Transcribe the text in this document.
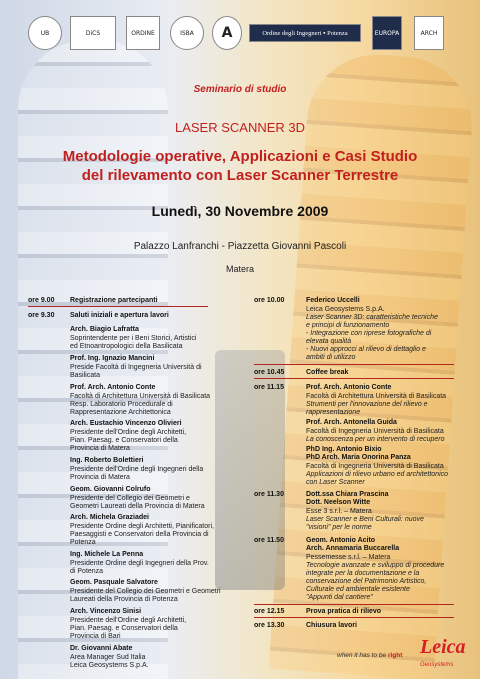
UB	DiCS	ORDINE	ISBA	A	Ordine degli Ingegneri ▪ Potenza	EUROPA	ARCH
Seminario di studio
LASER SCANNER 3D
Metodologie operative, Applicazioni e Casi Studio
del rilevamento con Laser Scanner Terrestre
Lunedì, 30 Novembre 2009
Palazzo Lanfranchi - Piazzetta Giovanni Pascoli
Matera
ore 9.00 Registrazione partecipanti
ore 9.30 Saluti iniziali e apertura lavori
Arch. Biagio Lafratta
Soprintendente per i Beni Storici, Artistici
ed Etnoantropologici della Basilicata
Prof. Ing. Ignazio Mancini
Preside Facoltà di Ingegneria Università di
Basilicata
Prof. Arch. Antonio Conte
Facoltà di Architettura Università di Basilicata
Resp. Laboratorio Procedurale di
Rappresentazione Architettonica
Arch. Eustachio Vincenzo Olivieri
Presidente dell'Ordine degli Architetti,
Pian. Paesag. e Conservatori della
Provincia di Matera
Ing. Roberto Bolettieri
Presidente dell'Ordine degli Ingegneri della
Provincia di Matera
Geom. Giovanni Colrufo
Presidente del Collegio dei Geometri e
Geometri Laureati della Provincia di Matera
Arch. Michela Graziadei
Presidente Ordine degli Architetti, Pianificatori,
Paesaggisti e Conservatori della Provincia di
Potenza
Ing. Michele La Penna
Presidente Ordine degli Ingegneri della Prov.
di Potenza
Geom. Pasquale Salvatore
Presidente del Collegio dei Geometri e Geometri
Laureati della Provincia di Potenza
Arch. Vincenzo Sinisi
Presidente dell'Ordine degli Architetti,
Pian. Paesag. e Conservatori della
Provincia di Bari
Dr. Giovanni Abate
Area Manager Sud Italia
Leica Geosystems S.p.A.
ore 10.00	Federico Uccelli
Leica Geosystems S.p.A.
Laser Scanner 3D: caratteristiche tecniche
e principi di funzionamento
- Integrazione con riprese fotografiche di
elevata qualità
- Nuovi approcci al rilievo di dettaglio e
ambiti di utilizzo
ore 10.45	Coffee break
ore 11.15	Prof. Arch. Antonio Conte
Facoltà di Architettura Università di Basilicata
Strumenti per l'innovazione del rilievo e
rappresentazione
Prof. Arch. Antonella Guida
Facoltà di Ingegneria Università di Basilicata
La conoscenza per un intervento di recupero
PhD Ing. Antonio Bixio
PhD Arch. Maria Onorina Panza
Facoltà di Ingegneria Università di Basilicata
Applicazioni di rilievo urbano ed architettonico
con Laser Scanner
ore 11.30	Dott.ssa Chiara Prascina
Dott. Neelson Witte
Esse 3 s.r.l. – Matera
Laser Scanner e Beni Culturali: nuove
"visioni" per le norme
ore 11.50	Geom. Antonio Acito
Arch. Annamaria Buccarella
Pessemesse s.r.l. – Matera
Tecnologie avanzate e sviluppo di procedure
integrate per la documentazione e la
conservazione del Patrimonio Artistico,
Culturale ed ambientale esistente
"Appunti dal cantiere"
ore 12.15	Prova pratica di rilievo
ore 13.30	Chiusura lavori
when it has to be right Leica
Geosystems
